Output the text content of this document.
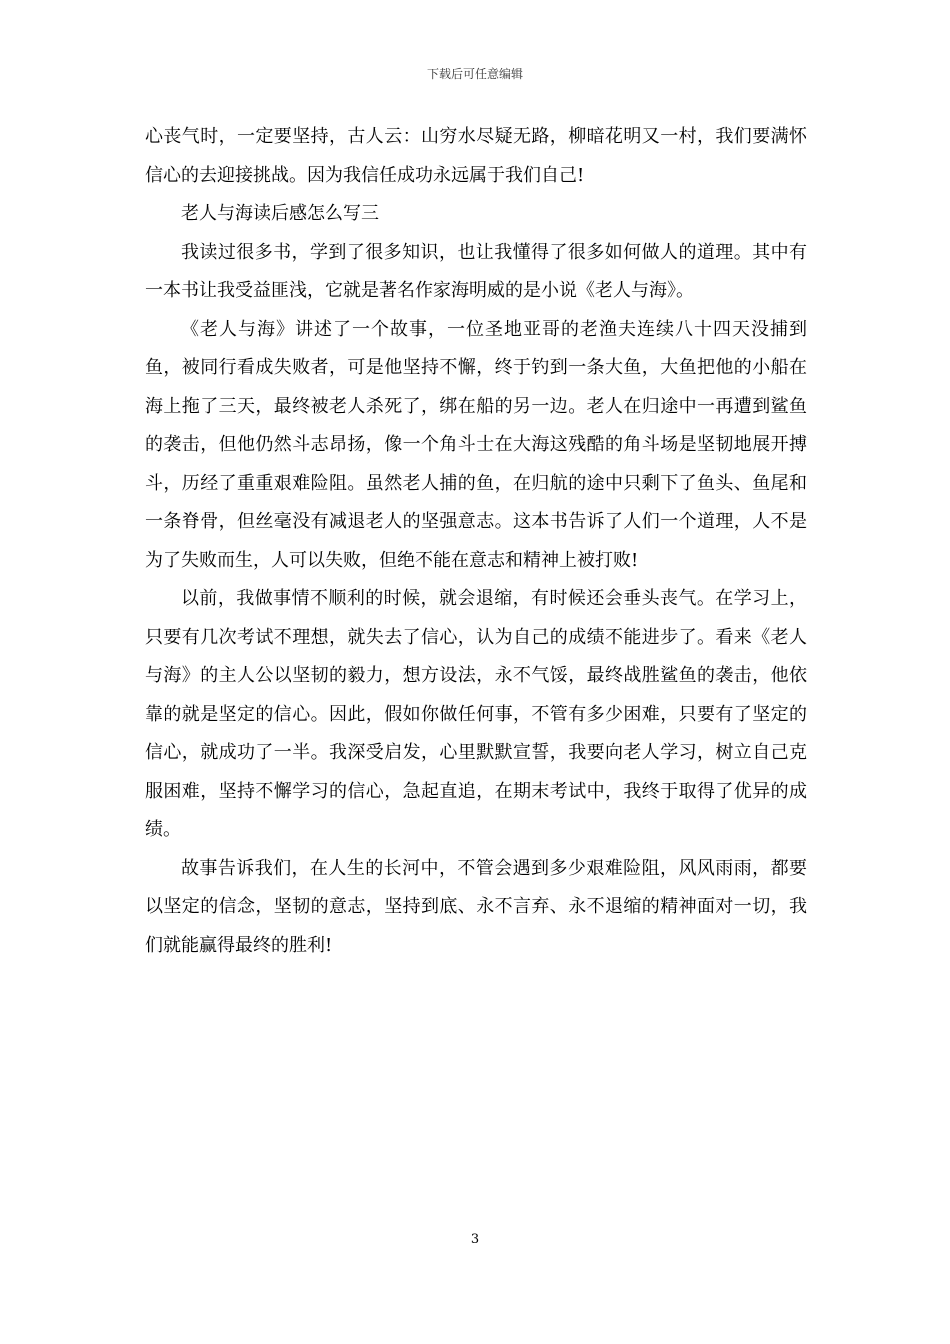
下载后可任意编辑

心丧气时，一定要坚持，古人云：山穷水尽疑无路，柳暗花明又一村，我们要满怀信心的去迎接挑战。因为我信任成功永远属于我们自己!

老人与海读后感怎么写三

我读过很多书，学到了很多知识，也让我懂得了很多如何做人的道理。其中有一本书让我受益匪浅，它就是著名作家海明威的是小说《老人与海》。

《老人与海》讲述了一个故事，一位圣地亚哥的老渔夫连续八十四天没捕到鱼，被同行看成失败者，可是他坚持不懈，终于钓到一条大鱼，大鱼把他的小船在海上拖了三天，最终被老人杀死了，绑在船的另一边。老人在归途中一再遭到鲨鱼的袭击，但他仍然斗志昂扬，像一个角斗士在大海这残酷的角斗场是坚韧地展开搏斗，历经了重重艰难险阻。虽然老人捕的鱼，在归航的途中只剩下了鱼头、鱼尾和一条脊骨，但丝毫没有减退老人的坚强意志。这本书告诉了人们一个道理，人不是为了失败而生，人可以失败，但绝不能在意志和精神上被打败!

以前，我做事情不顺利的时候，就会退缩，有时候还会垂头丧气。在学习上，只要有几次考试不理想，就失去了信心，认为自己的成绩不能进步了。看来《老人与海》的主人公以坚韧的毅力，想方设法，永不气馁，最终战胜鲨鱼的袭击，他依靠的就是坚定的信心。因此，假如你做任何事，不管有多少困难，只要有了坚定的信心，就成功了一半。我深受启发，心里默默宣誓，我要向老人学习，树立自己克服困难，坚持不懈学习的信心，急起直追，在期末考试中，我终于取得了优异的成绩。

故事告诉我们，在人生的长河中，不管会遇到多少艰难险阻，风风雨雨，都要以坚定的信念，坚韧的意志，坚持到底、永不言弃、永不退缩的精神面对一切，我们就能赢得最终的胜利!

3
